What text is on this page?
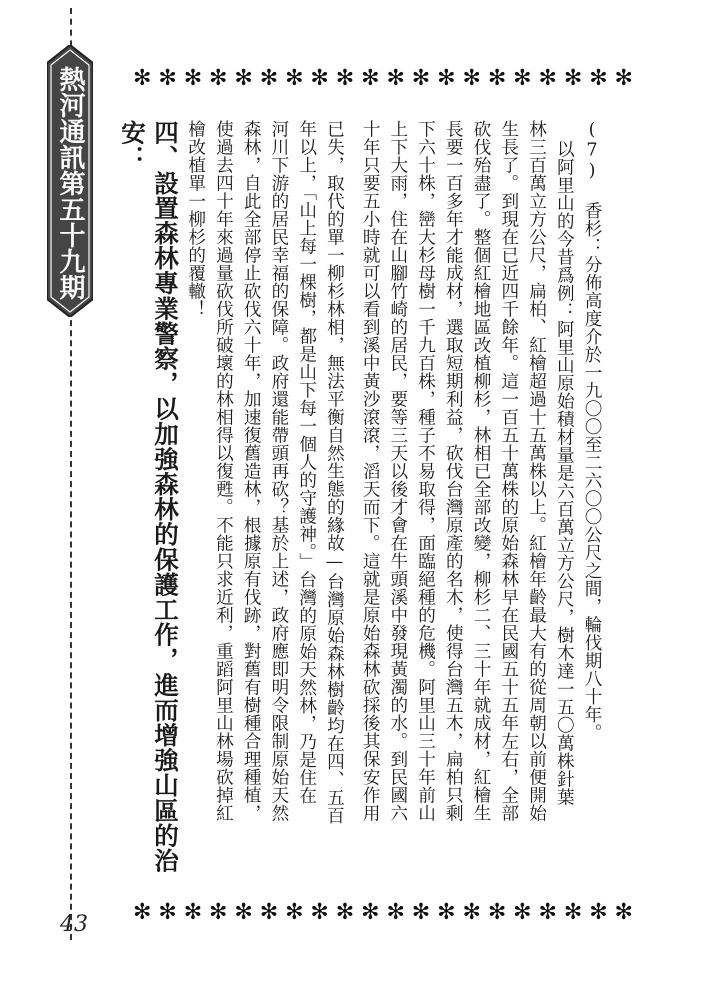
熱河通訊第五十九期	✻ ✻ ✻ ✻ ✻ ✻ ✻ ✻ ✻ ✻ ✻ ✻ ✻ ✻ ✻ ✻ ✻ ✻ ✻ ✻
(7) 香杉：分佈高度介於一九〇〇至二六〇〇公尺之間，輪伐期八十年。
以阿里山的今昔爲例：阿里山原始積材量是六百萬立方公尺，樹木達一五〇萬株針葉
林三百萬立方公尺，扁柏、紅檜超過十五萬株以上。紅檜年齡最大有的從周朝以前便開始
生長了。到現在已近四千餘年。這一百五十萬株的原始森林早在民國五十五年左右，全部
砍伐殆盡了。整個紅檜地區改植柳杉，林相已全部改變，柳杉二、三十年就成材，紅檜生
長要一百多年才能成材，選取短期利益，砍伐台灣原產的名木，使得台灣五木，扁柏只剩
下六十株，巒大杉母樹一千九百株，種子不易取得，面臨絕種的危機。阿里山三十年前山
上下大雨，住在山腳竹崎的居民，要等三天以後才會在牛頭溪中發現黃濁的水。到民國六
十年只要五小時就可以看到溪中黃沙滾滾，滔天而下。這就是原始森林砍採後其保安作用
已失，取代的單一柳杉林相，無法平衡自然生態的緣故—台灣原始森林樹齡均在四、五百
年以上，「山上每一棵樹，都是山下每一個人的守護神。」台灣的原始天然林，乃是住在
河川下游的居民幸福的保障。政府還能帶頭再砍？基於上述，政府應即明令限制原始天然
森林，自此全部停止砍伐六十年，加速復舊造林，根據原有伐跡，對舊有樹種合理種植，
使過去四十年來過量砍伐所破壞的林相得以復甦。不能只求近利，重蹈阿里山林場砍掉紅
檜改植單一柳杉的覆轍！
四、設置森林專業警察，以加強森林的保護工作，進而增強山區的治
安：
✻ ✻ ✻ ✻ ✻ ✻ ✻ ✻ ✻ ✻ ✻ ✻ ✻ ✻ ✻ ✻ ✻ ✻ ✻ ✻
43
